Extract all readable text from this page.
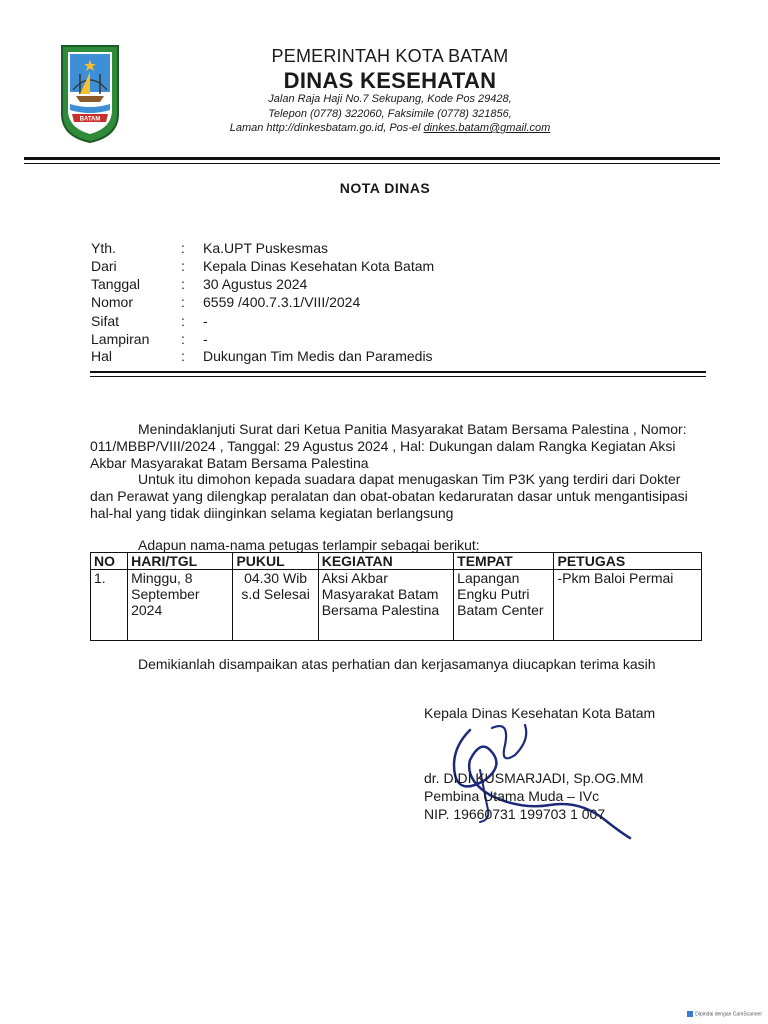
BATAM
PEMERINTAH KOTA BATAM
DINAS KESEHATAN
Jalan Raja Haji No.7 Sekupang, Kode Pos 29428,
Telepon (0778) 322060, Faksimile (0778) 321856,
Laman http://dinkesbatam.go.id, Pos-el dinkes.batam@gmail.com
NOTA DINAS
Yth.	: Ka.UPT Puskesmas
Dari	: Kepala Dinas Kesehatan Kota Batam
Tanggal	: 30 Agustus 2024
Nomor	: 6559 /400.7.3.1/VIII/2024
Sifat	: -
Lampiran	: -
Hal	: Dukungan Tim Medis dan Paramedis
Menindaklanjuti Surat dari Ketua Panitia Masyarakat Batam Bersama Palestina , Nomor: 011/MBBP/VIII/2024 , Tanggal: 29 Agustus 2024 , Hal: Dukungan dalam Rangka Kegiatan Aksi Akbar Masyarakat Batam Bersama Palestina
Untuk itu dimohon kepada suadara dapat menugaskan Tim P3K yang terdiri dari Dokter dan Perawat yang dilengkap peralatan dan obat-obatan kedaruratan dasar untuk mengantisipasi hal-hal yang tidak diinginkan selama kegiatan berlangsung
Adapun nama-nama petugas terlampir sebagai berikut:
NO	HARI/TGL	PUKUL	KEGIATAN	TEMPAT	PETUGAS
1.	Minggu, 8 September 2024	04.30 Wib s.d Selesai	Aksi Akbar Masyarakat Batam Bersama Palestina	Lapangan Engku Putri Batam Center	-Pkm Baloi Permai
Demikianlah disampaikan atas perhatian dan kerjasamanya diucapkan terima kasih
Kepala Dinas Kesehatan Kota Batam
dr. DIDI KUSMARJADI, Sp.OG.MM
Pembina Utama Muda – IVc
NIP. 19660731 199703 1 007
Dipindai dengan CamScanner
